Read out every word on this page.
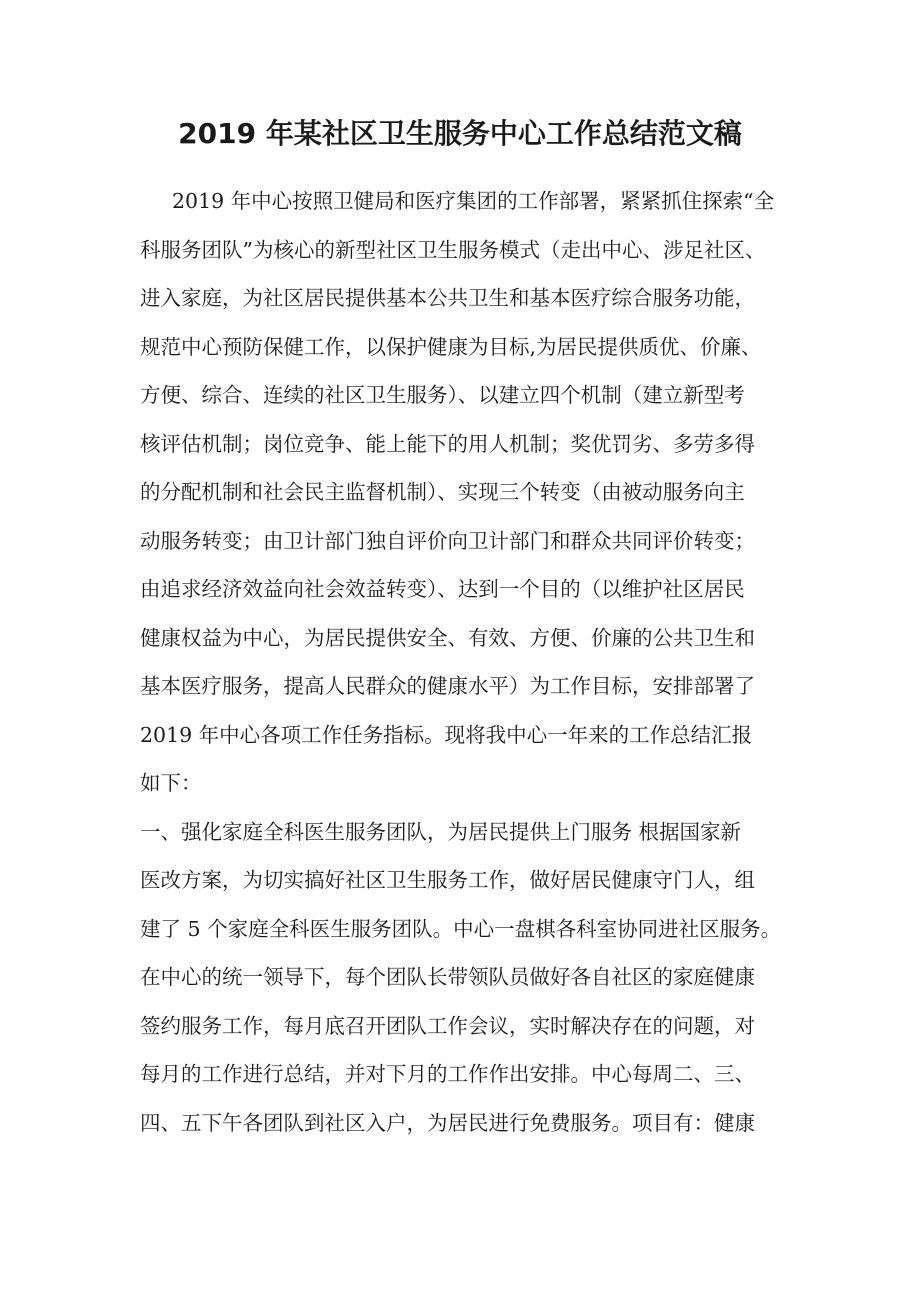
2019 年某社区卫生服务中心工作总结范文稿
2019 年中心按照卫健局和医疗集团的工作部署，紧紧抓住探索“全
科服务团队”为核心的新型社区卫生服务模式（走出中心、涉足社区、
进入家庭，为社区居民提供基本公共卫生和基本医疗综合服务功能，
规范中心预防保健工作，以保护健康为目标,为居民提供质优、价廉、
方便、综合、连续的社区卫生服务）、以建立四个机制（建立新型考
核评估机制；岗位竞争、能上能下的用人机制；奖优罚劣、多劳多得
的分配机制和社会民主监督机制）、实现三个转变（由被动服务向主
动服务转变；由卫计部门独自评价向卫计部门和群众共同评价转变；
由追求经济效益向社会效益转变）、达到一个目的（以维护社区居民
健康权益为中心，为居民提供安全、有效、方便、价廉的公共卫生和
基本医疗服务，提高人民群众的健康水平）为工作目标，安排部署了
2019 年中心各项工作任务指标。现将我中心一年来的工作总结汇报
如下：
一、强化家庭全科医生服务团队，为居民提供上门服务 根据国家新
医改方案，为切实搞好社区卫生服务工作，做好居民健康守门人，组
建了 5 个家庭全科医生服务团队。中心一盘棋各科室协同进社区服务。
在中心的统一领导下，每个团队长带领队员做好各自社区的家庭健康
签约服务工作，每月底召开团队工作会议，实时解决存在的问题，对
每月的工作进行总结，并对下月的工作作出安排。中心每周二、三、
四、五下午各团队到社区入户，为居民进行免费服务。项目有：健康
